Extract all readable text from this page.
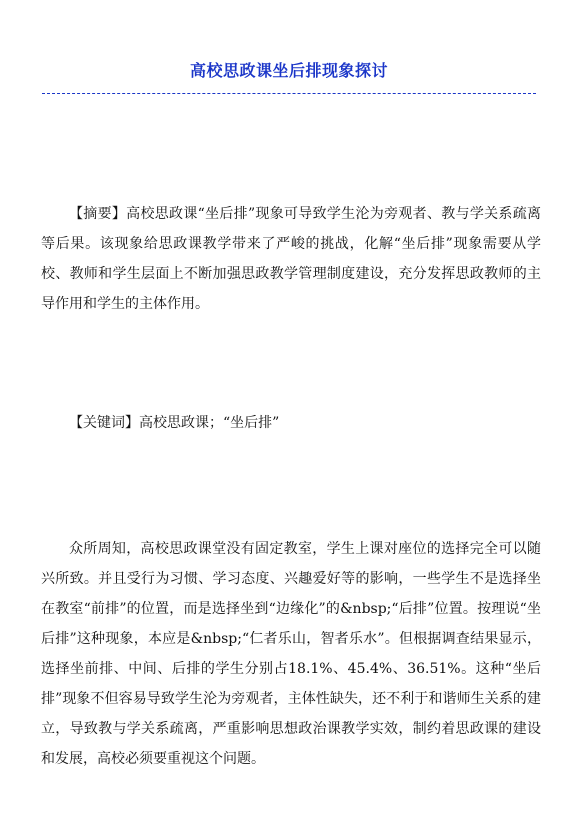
高校思政课坐后排现象探讨

【摘要】高校思政课“坐后排”现象可导致学生沦为旁观者、教与学关系疏离等后果。该现象给思政课教学带来了严峻的挑战，化解“坐后排”现象需要从学校、教师和学生层面上不断加强思政教学管理制度建设，充分发挥思政教师的主导作用和学生的主体作用。

【关键词】高校思政课；“坐后排”

众所周知，高校思政课堂没有固定教室，学生上课对座位的选择完全可以随兴所致。并且受行为习惯、学习态度、兴趣爱好等的影响，一些学生不是选择坐在教室“前排”的位置，而是选择坐到“边缘化”的&nbsp;“后排”位置。按理说“坐后排”这种现象，本应是&nbsp;“仁者乐山，智者乐水”。但根据调查结果显示，选择坐前排、中间、后排的学生分别占18.1%、45.4%、36.51%。这种“坐后排”现象不但容易导致学生沦为旁观者，主体性缺失，还不利于和谐师生关系的建立，导致教与学关系疏离，严重影响思想政治课教学实效，制约着思政课的建设和发展，高校必须要重视这个问题。
